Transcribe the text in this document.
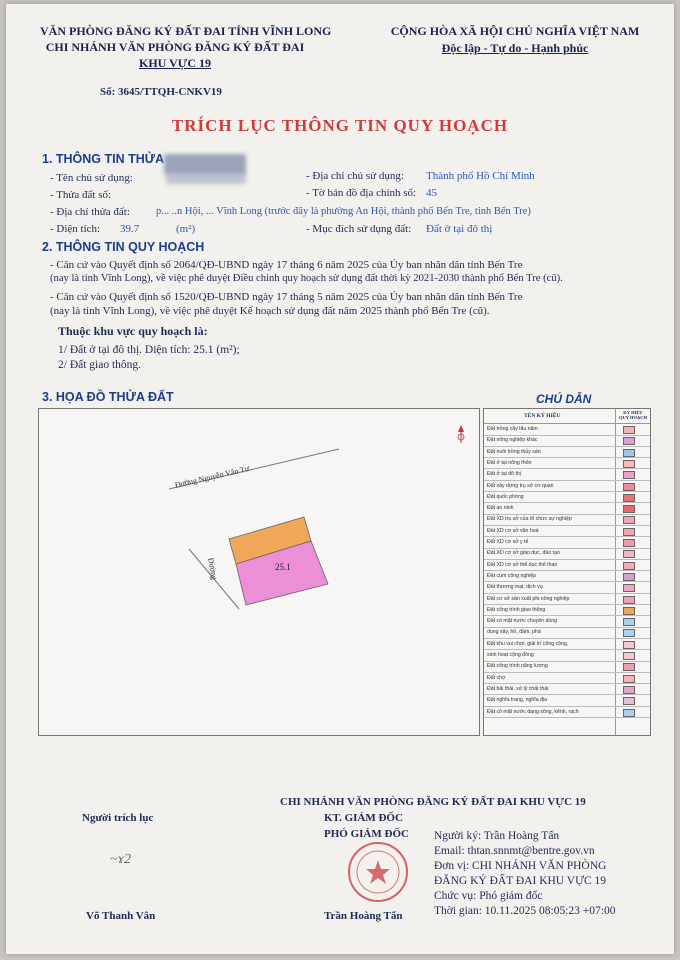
VĂN PHÒNG ĐĂNG KÝ ĐẤT ĐAI TỈNH VĨNH LONG
CHI NHÁNH VĂN PHÒNG ĐĂNG KÝ ĐẤT ĐAI
KHU VỰC 19
CỘNG HÒA XÃ HỘI CHỦ NGHĨA VIỆT NAM
Độc lập - Tự do - Hạnh phúc
Số: 3645/TTQH-CNKV19
TRÍCH LỤC THÔNG TIN QUY HOẠCH
1. THÔNG TIN THỬA
- Tên chủ sử dụng:
- Thửa đất số:
- Địa chỉ chủ sử dụng: Thành phố Hồ Chí Minh
- Tờ bản đồ địa chính số: 45
- Địa chỉ thửa đất: p... ..n Hội, ... Vĩnh Long (trước đây là phường An Hội, thành phố Bến Tre, tỉnh Bến Tre)
- Diện tích: 39.7	(m²)	- Mục đích sử dụng đất: Đất ở tại đô thị
2. THÔNG TIN QUY HOẠCH
- Căn cứ vào Quyết định số 2064/QĐ-UBND ngày 17 tháng 6 năm 2025 của Ủy ban nhân dân tỉnh Bến Tre
(nay là tỉnh Vĩnh Long), về việc phê duyệt Điều chỉnh quy hoạch sử dụng đất thời kỳ 2021-2030 thành phố Bến Tre (cũ).
- Căn cứ vào Quyết định số 1520/QĐ-UBND ngày 17 tháng 5 năm 2025 của Ủy ban nhân dân tỉnh Bến Tre
(nay là tỉnh Vĩnh Long), về việc phê duyệt Kế hoạch sử dụng đất năm 2025 thành phố Bến Tre (cũ).
Thuộc khu vực quy hoạch là:
1/ Đất ở tại đô thị. Diện tích: 25.1 (m²);
2/ Đất giao thông.
3. HỌA ĐỒ THỬA ĐẤT	CHÚ DẪN
Đường Nguyễn Văn Tư
Đường	25.1
TÊN KÝ HIỆU
KÝ HIỆU QUY HOẠCH
Đất trồng cây lâu năm
Đất nông nghiệp khác
Đất nuôi trồng thủy sản
Đất ở tại nông thôn
Đất ở tại đô thị
Đất xây dựng trụ sở cơ quan
Đất quốc phòng
Đất an ninh
Đất XD trụ sở của tổ chức sự nghiệp
Đất XD cơ sở văn hoá
Đất XD cơ sở y tế
Đất XD cơ sở giáo dục, đào tạo
Đất XD cơ sở thể dục thể thao
Đất cụm công nghiệp
Đất thương mại, dịch vụ
Đất cơ sở sản xuất phi nông nghiệp
Đất công trình giao thông
Đất có mặt nước chuyên dùng
dụng xây, hồ, đầm, phá
Đất khu vui chơi, giải trí công cộng,
sinh hoạt cộng đồng
Đất công trình năng lượng
Đất chợ
Đất bãi thải, xử lý chất thải
Đất nghĩa trang, nghĩa địa
Đất có mặt nước dạng sông, kênh, rạch
CHI NHÁNH VĂN PHÒNG ĐĂNG KÝ ĐẤT ĐAI KHU VỰC 19
KT. GIÁM ĐỐC
PHÓ GIÁM ĐỐC
Người trích lục
~ɤ2
Võ Thanh Vân	Trần Hoàng Tấn
Người ký: Trần Hoàng Tấn
Email: thtan.snnmt@bentre.gov.vn
Đơn vị: CHI NHÁNH VĂN PHÒNG
ĐĂNG KÝ ĐẤT ĐAI KHU VỰC 19
Chức vụ: Phó giám đốc
Thời gian: 10.11.2025 08:05:23 +07:00
